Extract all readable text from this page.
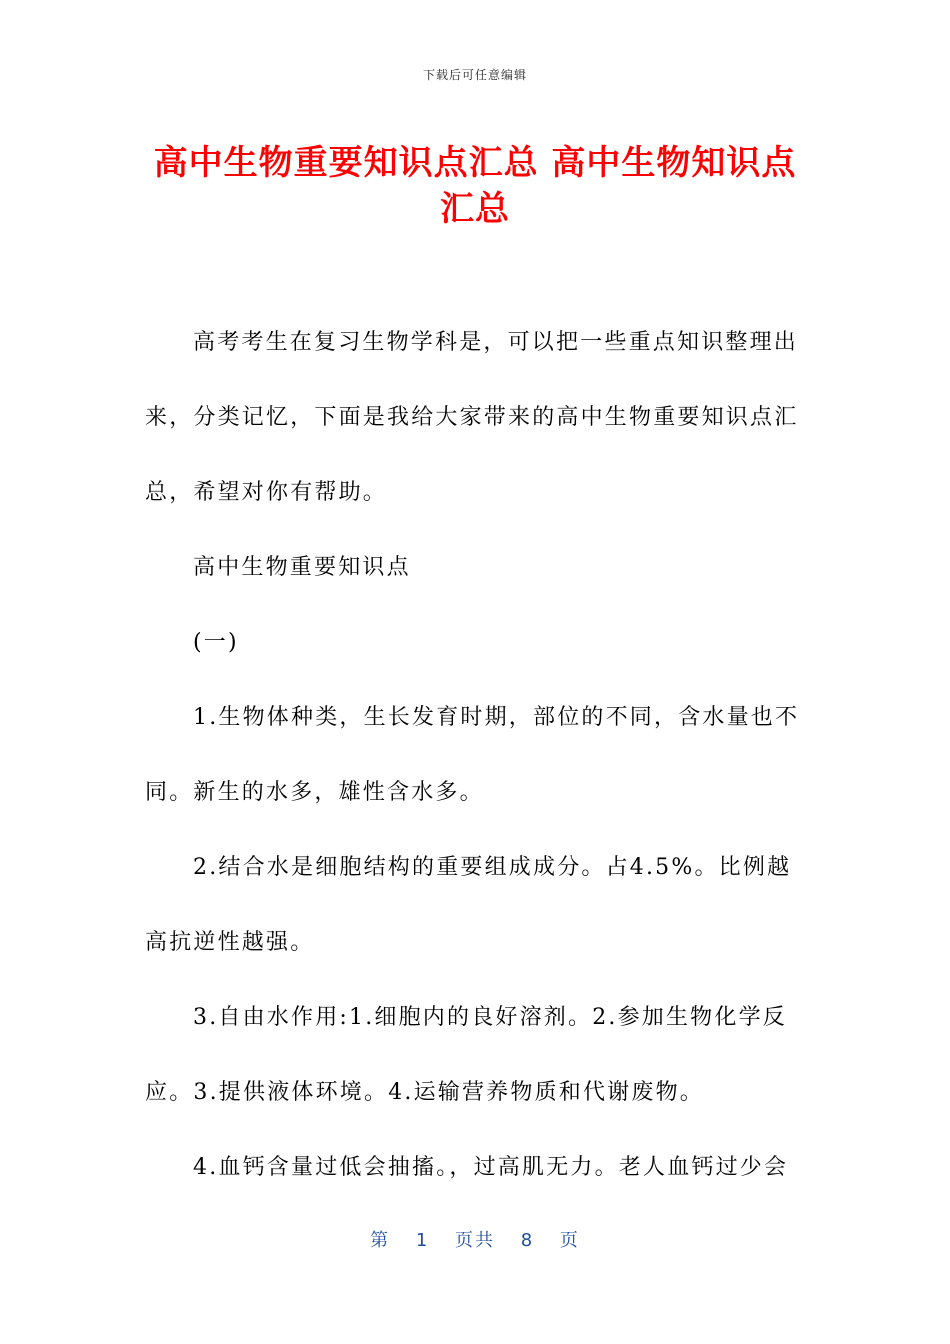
下载后可任意编辑
高中生物重要知识点汇总 高中生物知识点汇总

高考考生在复习生物学科是，可以把一些重点知识整理出来，分类记忆，下面是我给大家带来的高中生物重要知识点汇总，希望对你有帮助。

高中生物重要知识点

(一)

1.生物体种类，生长发育时期，部位的不同，含水量也不同。新生的水多，雄性含水多。

2.结合水是细胞结构的重要组成成分。占4.5%。比例越高抗逆性越强。

3.自由水作用:1.细胞内的良好溶剂。2.参加生物化学反应。3.提供液体环境。4.运输营养物质和代谢废物。

4.血钙含量过低会抽搐。，过高肌无力。老人血钙过少会

第 1 页共 8 页
